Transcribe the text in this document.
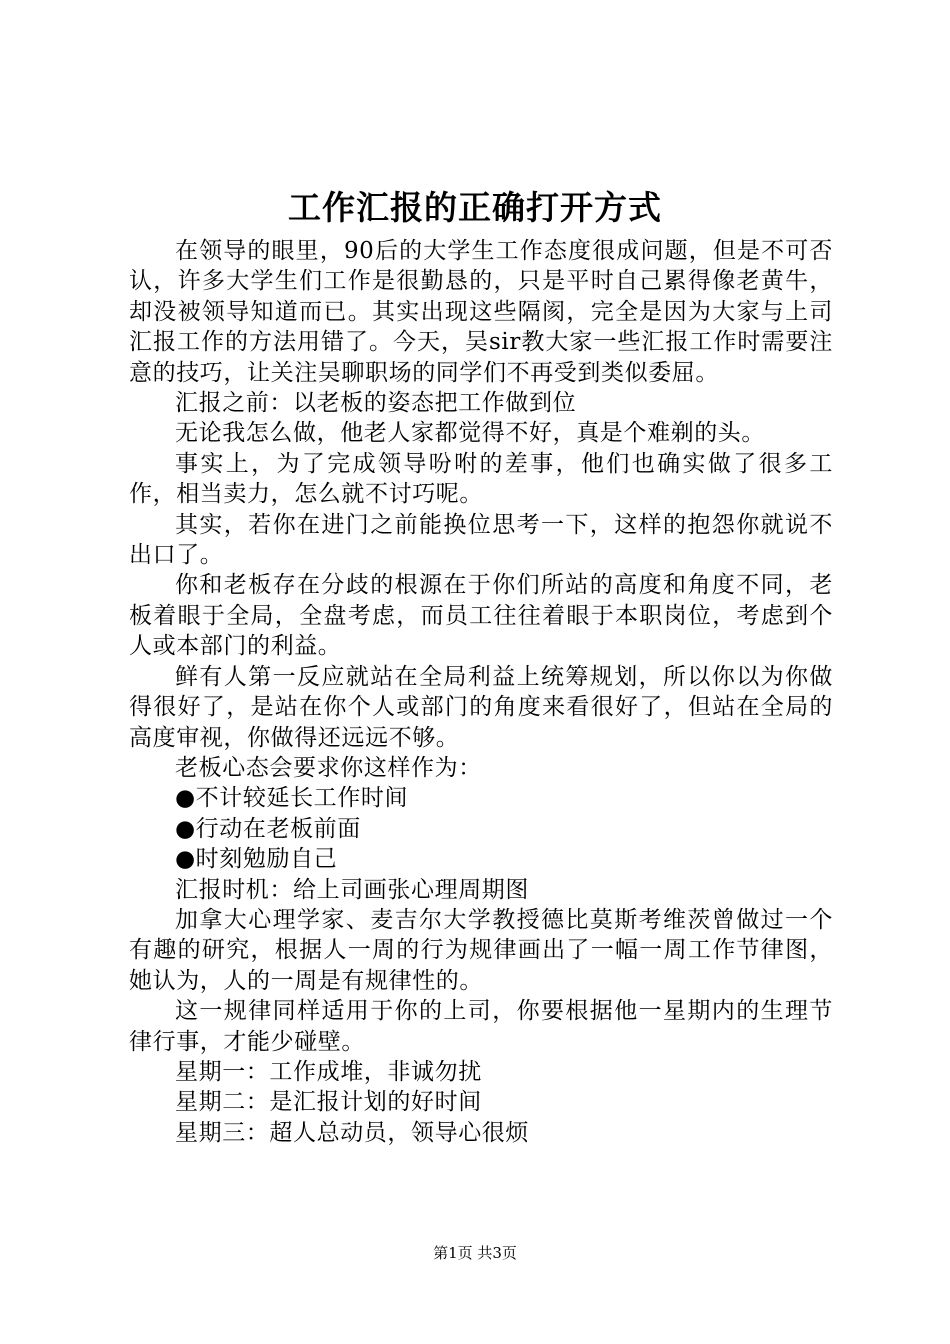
工作汇报的正确打开方式

在领导的眼里，90后的大学生工作态度很成问题，但是不可否认，许多大学生们工作是很勤恳的，只是平时自己累得像老黄牛，却没被领导知道而已。其实出现这些隔阂，完全是因为大家与上司汇报工作的方法用错了。今天，吴sir教大家一些汇报工作时需要注意的技巧，让关注吴聊职场的同学们不再受到类似委屈。

汇报之前：以老板的姿态把工作做到位

无论我怎么做，他老人家都觉得不好，真是个难剃的头。

事实上，为了完成领导吩咐的差事，他们也确实做了很多工作，相当卖力，怎么就不讨巧呢。

其实，若你在进门之前能换位思考一下，这样的抱怨你就说不出口了。

你和老板存在分歧的根源在于你们所站的高度和角度不同，老板着眼于全局，全盘考虑，而员工往往着眼于本职岗位，考虑到个人或本部门的利益。

鲜有人第一反应就站在全局利益上统筹规划，所以你以为你做得很好了，是站在你个人或部门的角度来看很好了，但站在全局的高度审视，你做得还远远不够。

老板心态会要求你这样作为：

●不计较延长工作时间

●行动在老板前面

●时刻勉励自己

汇报时机：给上司画张心理周期图

加拿大心理学家、麦吉尔大学教授德比莫斯考维茨曾做过一个有趣的研究，根据人一周的行为规律画出了一幅一周工作节律图，她认为，人的一周是有规律性的。

这一规律同样适用于你的上司，你要根据他一星期内的生理节律行事，才能少碰壁。

星期一：工作成堆，非诚勿扰

星期二：是汇报计划的好时间

星期三：超人总动员，领导心很烦

第1页 共3页
